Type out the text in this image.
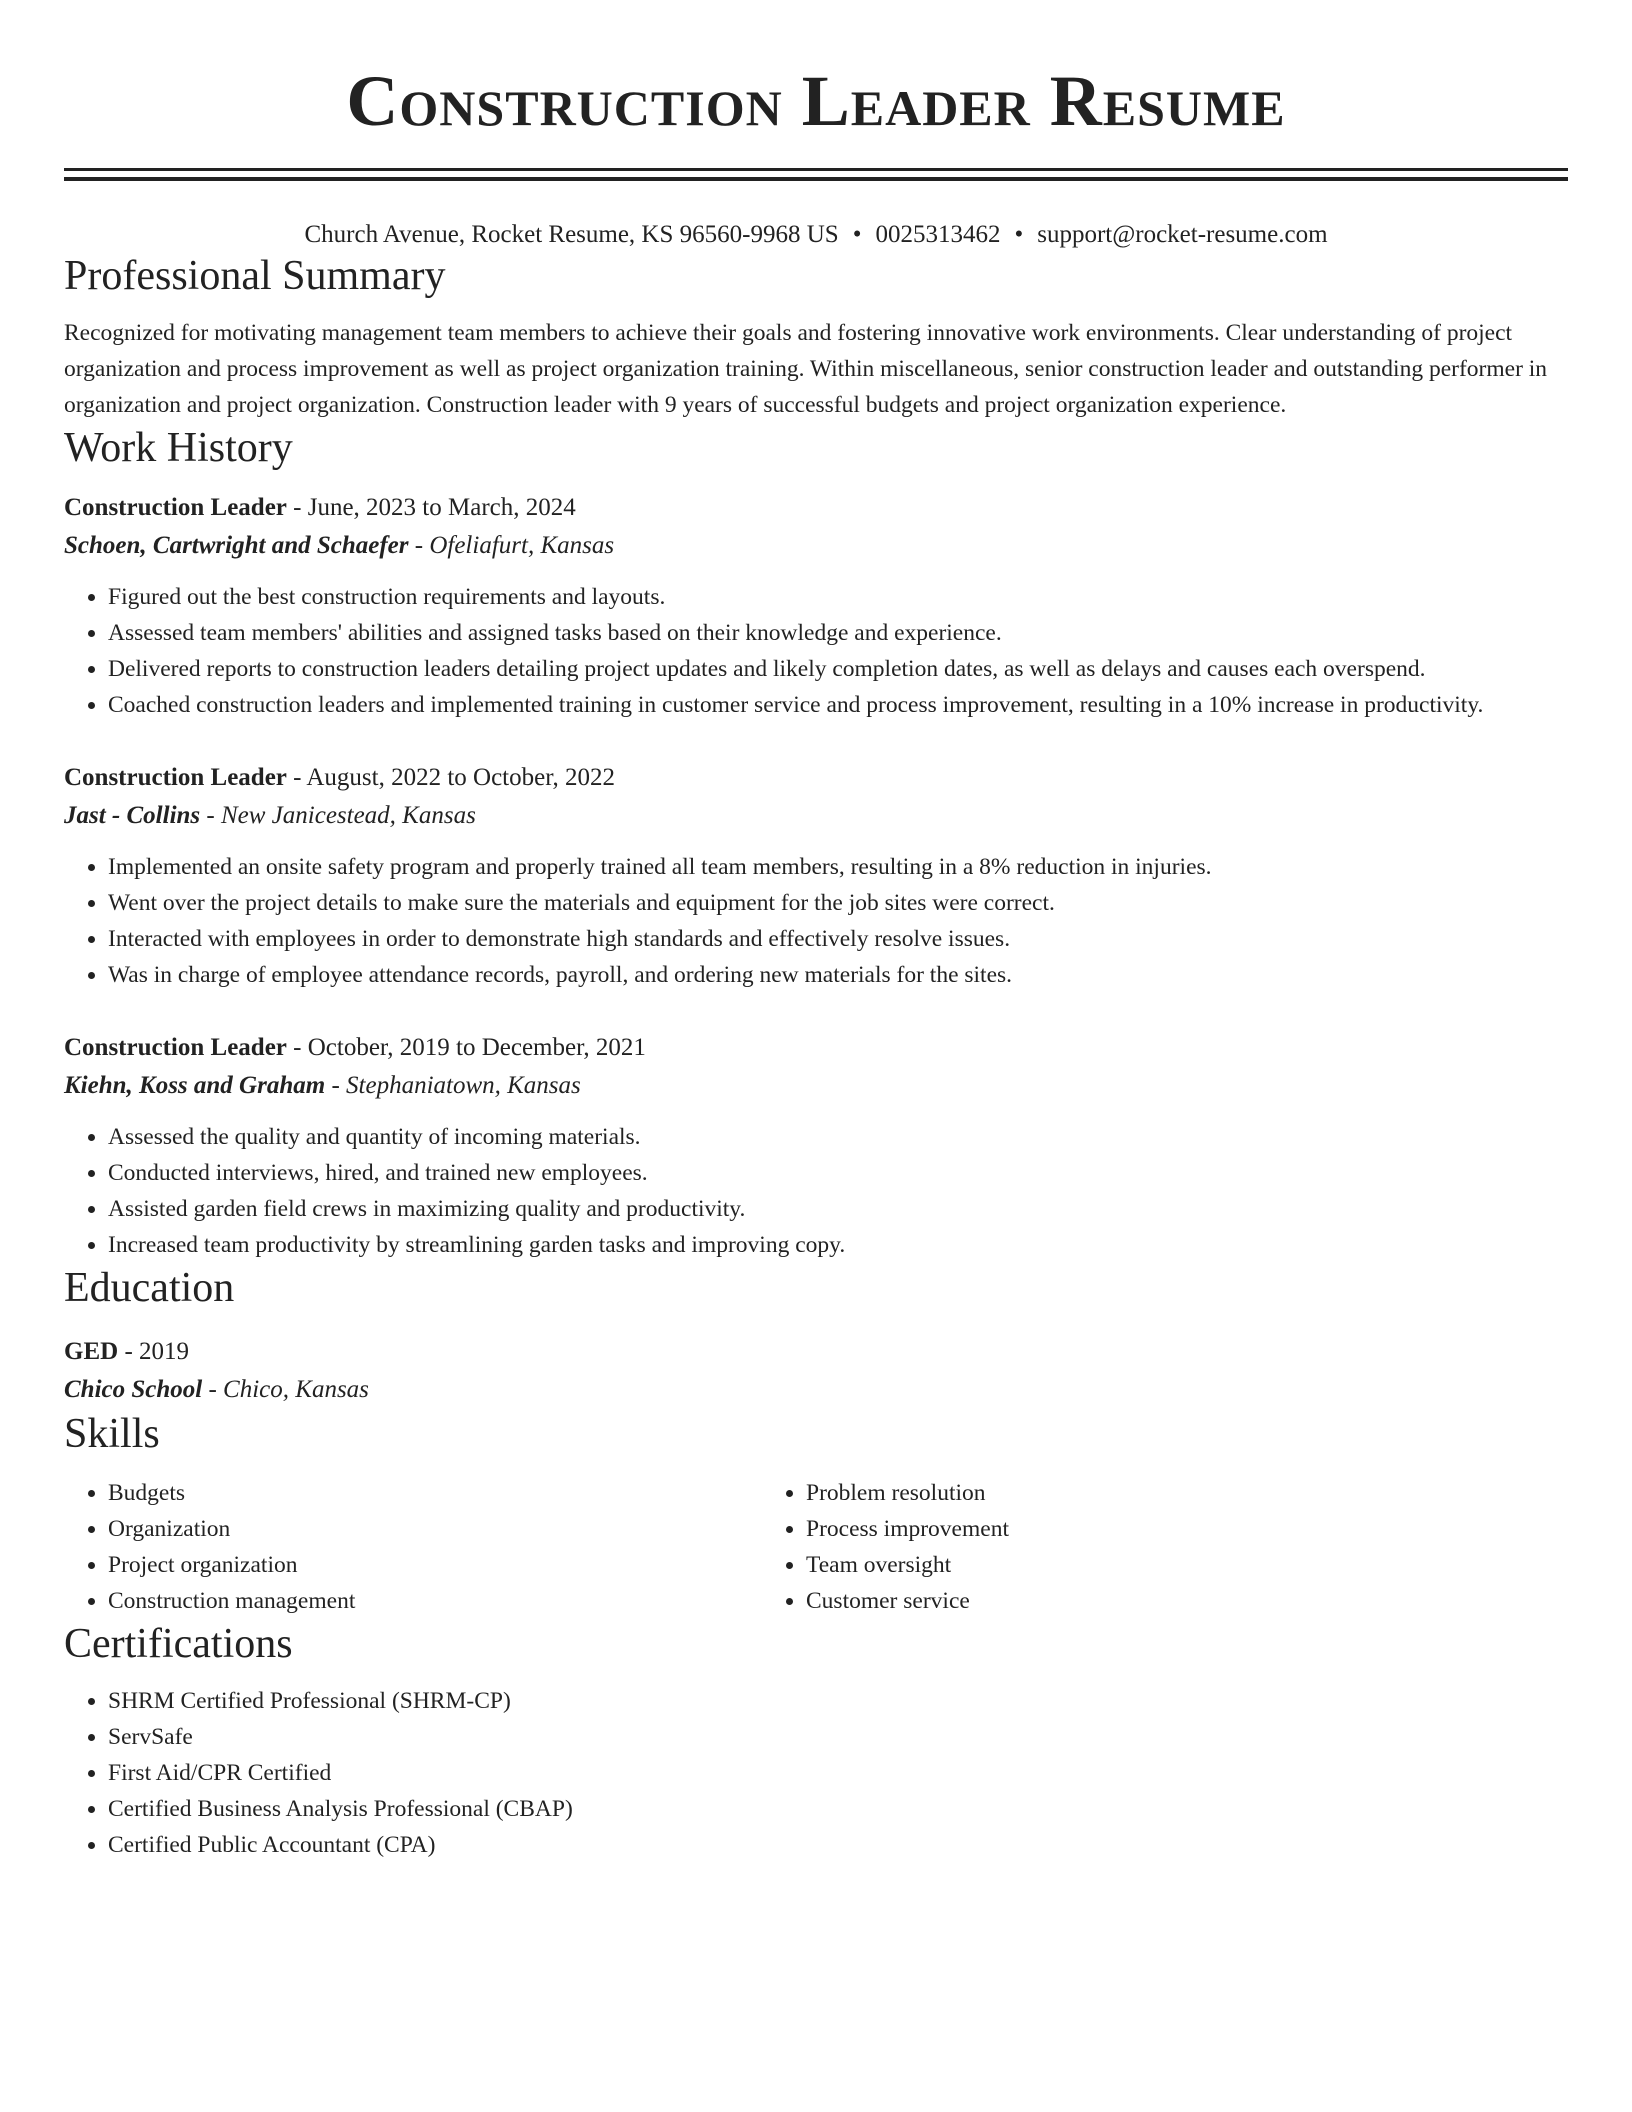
Construction Leader Resume
Church Avenue, Rocket Resume, KS 96560-9968 US • 0025313462 • support@rocket-resume.com
Professional Summary
Recognized for motivating management team members to achieve their goals and fostering innovative work environments. Clear understanding of project organization and process improvement as well as project organization training. Within miscellaneous, senior construction leader and outstanding performer in organization and project organization. Construction leader with 9 years of successful budgets and project organization experience.
Work History
Construction Leader - June, 2023 to March, 2024
Schoen, Cartwright and Schaefer - Ofeliafurt, Kansas
• Figured out the best construction requirements and layouts.
• Assessed team members' abilities and assigned tasks based on their knowledge and experience.
• Delivered reports to construction leaders detailing project updates and likely completion dates, as well as delays and causes each overspend.
• Coached construction leaders and implemented training in customer service and process improvement, resulting in a 10% increase in productivity.
Construction Leader - August, 2022 to October, 2022
Jast - Collins - New Janicestead, Kansas
• Implemented an onsite safety program and properly trained all team members, resulting in a 8% reduction in injuries.
• Went over the project details to make sure the materials and equipment for the job sites were correct.
• Interacted with employees in order to demonstrate high standards and effectively resolve issues.
• Was in charge of employee attendance records, payroll, and ordering new materials for the sites.
Construction Leader - October, 2019 to December, 2021
Kiehn, Koss and Graham - Stephaniatown, Kansas
• Assessed the quality and quantity of incoming materials.
• Conducted interviews, hired, and trained new employees.
• Assisted garden field crews in maximizing quality and productivity.
• Increased team productivity by streamlining garden tasks and improving copy.
Education
GED - 2019
Chico School - Chico, Kansas
Skills
• Budgets
• Organization
• Project organization
• Construction management
• Problem resolution
• Process improvement
• Team oversight
• Customer service
Certifications
• SHRM Certified Professional (SHRM-CP)
• ServSafe
• First Aid/CPR Certified
• Certified Business Analysis Professional (CBAP)
• Certified Public Accountant (CPA)
